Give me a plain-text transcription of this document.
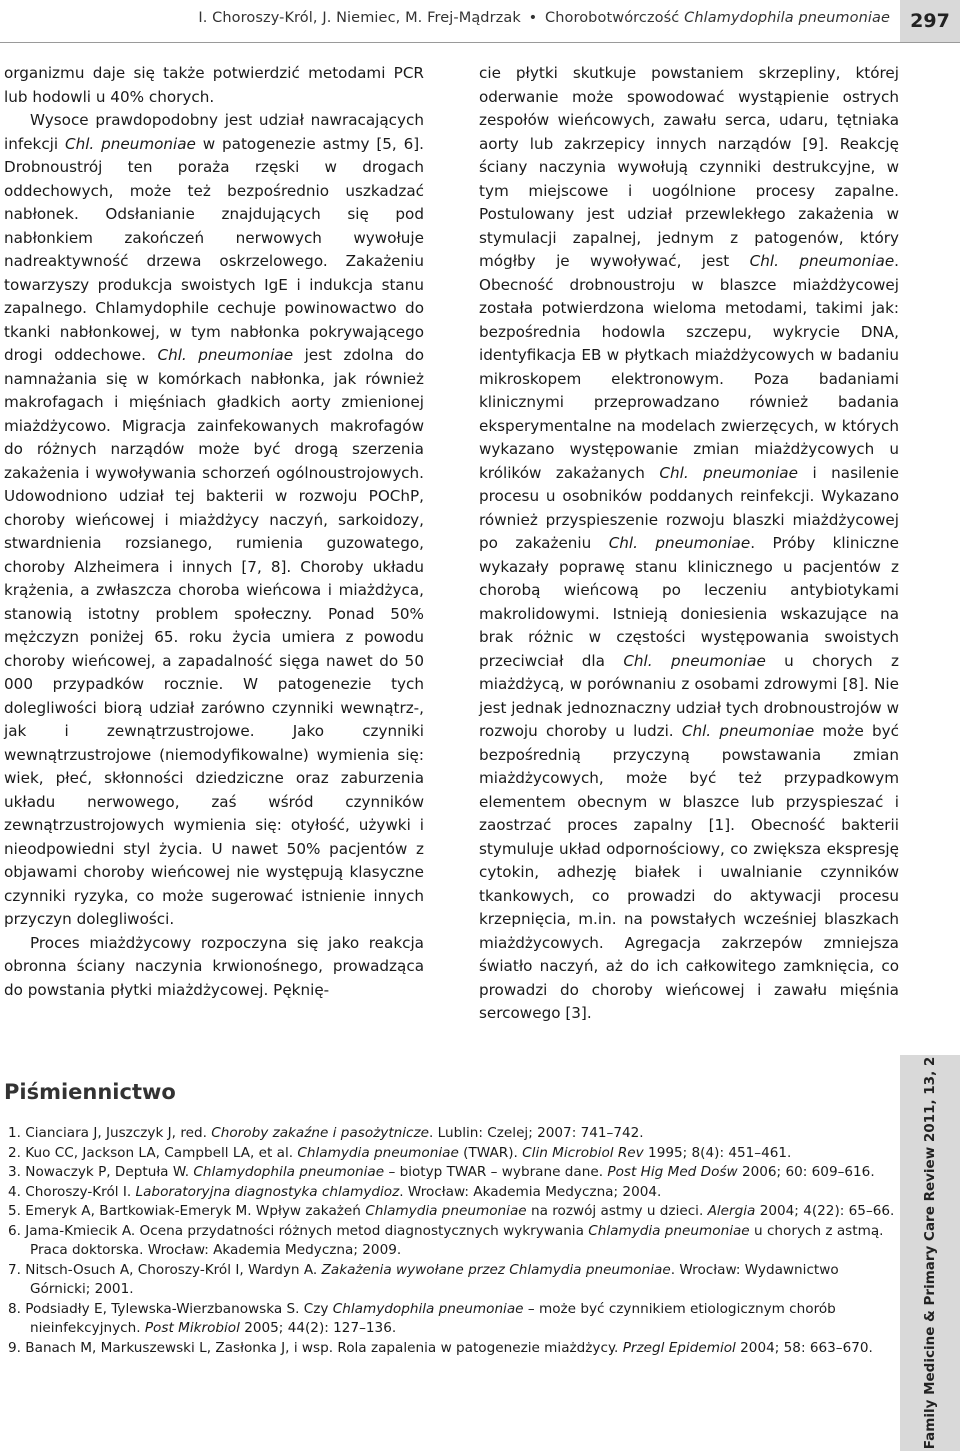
I. Choroszy-Król, J. Niemiec, M. Frej-Mądrzak • Chorobotwórczość Chlamydophila pneumoniae	297

organizmu daje się także potwierdzić metodami PCR lub hodowli u 40% chorych.

Wysoce prawdopodobny jest udział nawracających infekcji Chl. pneumoniae w patogenezie astmy [5, 6]. Drobnoustrój ten poraża rzęski w drogach oddechowych, może też bezpośrednio uszkadzać nabłonek. Odsłanianie znajdujących się pod nabłonkiem zakończeń nerwowych wywołuje nadreaktywność drzewa oskrzelowego. Zakażeniu towarzyszy produkcja swoistych IgE i indukcja stanu zapalnego. Chlamydophile cechuje powinowactwo do tkanki nabłonkowej, w tym nabłonka pokrywającego drogi oddechowe. Chl. pneumoniae jest zdolna do namnażania się w komórkach nabłonka, jak również makrofagach i mięśniach gładkich aorty zmienionej miażdżycowo. Migracja zainfekowanych makrofagów do różnych narządów może być drogą szerzenia zakażenia i wywoływania schorzeń ogólnoustrojowych. Udowodniono udział tej bakterii w rozwoju POChP, choroby wieńcowej i miażdżycy naczyń, sarkoidozy, stwardnienia rozsianego, rumienia guzowatego, choroby Alzheimera i innych [7, 8]. Choroby układu krążenia, a zwłaszcza choroba wieńcowa i miażdżyca, stanowią istotny problem społeczny. Ponad 50% mężczyzn poniżej 65. roku życia umiera z powodu choroby wieńcowej, a zapadalność sięga nawet do 50 000 przypadków rocznie. W patogenezie tych dolegliwości biorą udział zarówno czynniki wewnątrz-, jak i zewnątrzustrojowe. Jako czynniki wewnątrzustrojowe (niemodyfikowalne) wymienia się: wiek, płeć, skłonności dziedziczne oraz zaburzenia układu nerwowego, zaś wśród czynników zewnątrzustrojowych wymienia się: otyłość, używki i nieodpowiedni styl życia. U nawet 50% pacjentów z objawami choroby wieńcowej nie występują klasyczne czynniki ryzyka, co może sugerować istnienie innych przyczyn dolegliwości.

Proces miażdżycowy rozpoczyna się jako reakcja obronna ściany naczynia krwionośnego, prowadząca do powstania płytki miażdżycowej. Pęknię-

cie płytki skutkuje powstaniem skrzepliny, której oderwanie może spowodować wystąpienie ostrych zespołów wieńcowych, zawału serca, udaru, tętniaka aorty lub zakrzepicy innych narządów [9]. Reakcję ściany naczynia wywołują czynniki destrukcyjne, w tym miejscowe i uogólnione procesy zapalne. Postulowany jest udział przewlekłego zakażenia w stymulacji zapalnej, jednym z patogenów, który mógłby je wywoływać, jest Chl. pneumoniae. Obecność drobnoustroju w blaszce miażdżycowej została potwierdzona wieloma metodami, takimi jak: bezpośrednia hodowla szczepu, wykrycie DNA, identyfikacja EB w płytkach miażdżycowych w badaniu mikroskopem elektronowym. Poza badaniami klinicznymi przeprowadzano również badania eksperymentalne na modelach zwierzęcych, w których wykazano występowanie zmian miażdżycowych u królików zakażanych Chl. pneumoniae i nasilenie procesu u osobników poddanych reinfekcji. Wykazano również przyspieszenie rozwoju blaszki miażdżycowej po zakażeniu Chl. pneumoniae. Próby kliniczne wykazały poprawę stanu klinicznego u pacjentów z chorobą wieńcową po leczeniu antybiotykami makrolidowymi. Istnieją doniesienia wskazujące na brak różnic w częstości występowania swoistych przeciwciał dla Chl. pneumoniae u chorych z miażdżycą, w porównaniu z osobami zdrowymi [8]. Nie jest jednak jednoznaczny udział tych drobnoustrojów w rozwoju choroby u ludzi. Chl. pneumoniae może być bezpośrednią przyczyną powstawania zmian miażdżycowych, może być też przypadkowym elementem obecnym w blaszce lub przyspieszać i zaostrzać proces zapalny [1]. Obecność bakterii stymuluje układ odpornościowy, co zwiększa ekspresję cytokin, adhezję białek i uwalnianie czynników tkankowych, co prowadzi do aktywacji procesu krzepnięcia, m.in. na powstałych wcześniej blaszkach miażdżycowych. Agregacja zakrzepów zmniejsza światło naczyń, aż do ich całkowitego zamknięcia, co prowadzi do choroby wieńcowej i zawału mięśnia sercowego [3].

Piśmiennictwo

1. Cianciara J, Juszczyk J, red. Choroby zakaźne i pasożytnicze. Lublin: Czelej; 2007: 741–742.

2. Kuo CC, Jackson LA, Campbell LA, et al. Chlamydia pneumoniae (TWAR). Clin Microbiol Rev 1995; 8(4): 451–461.

3. Nowaczyk P, Deptuła W. Chlamydophila pneumoniae – biotyp TWAR – wybrane dane. Post Hig Med Dośw 2006; 60: 609–616.

4. Choroszy-Król I. Laboratoryjna diagnostyka chlamydioz. Wrocław: Akademia Medyczna; 2004.

5. Emeryk A, Bartkowiak-Emeryk M. Wpływ zakażeń Chlamydia pneumoniae na rozwój astmy u dzieci. Alergia 2004; 4(22): 65–66.

6. Jama-Kmiecik A. Ocena przydatności różnych metod diagnostycznych wykrywania Chlamydia pneumoniae u chorych z astmą. Praca doktorska. Wrocław: Akademia Medyczna; 2009.

7. Nitsch-Osuch A, Choroszy-Król I, Wardyn A. Zakażenia wywołane przez Chlamydia pneumoniae. Wrocław: Wydawnictwo Górnicki; 2001.

8. Podsiadły E, Tylewska-Wierzbanowska S. Czy Chlamydophila pneumoniae – może być czynnikiem etiologicznym chorób nieinfekcyjnych. Post Mikrobiol 2005; 44(2): 127–136.

9. Banach M, Markuszewski L, Zasłonka J, i wsp. Rola zapalenia w patogenezie miażdżycy. Przegl Epidemiol 2004; 58: 663–670.	Family Medicine & Primary Care Review 2011, 13, 2
